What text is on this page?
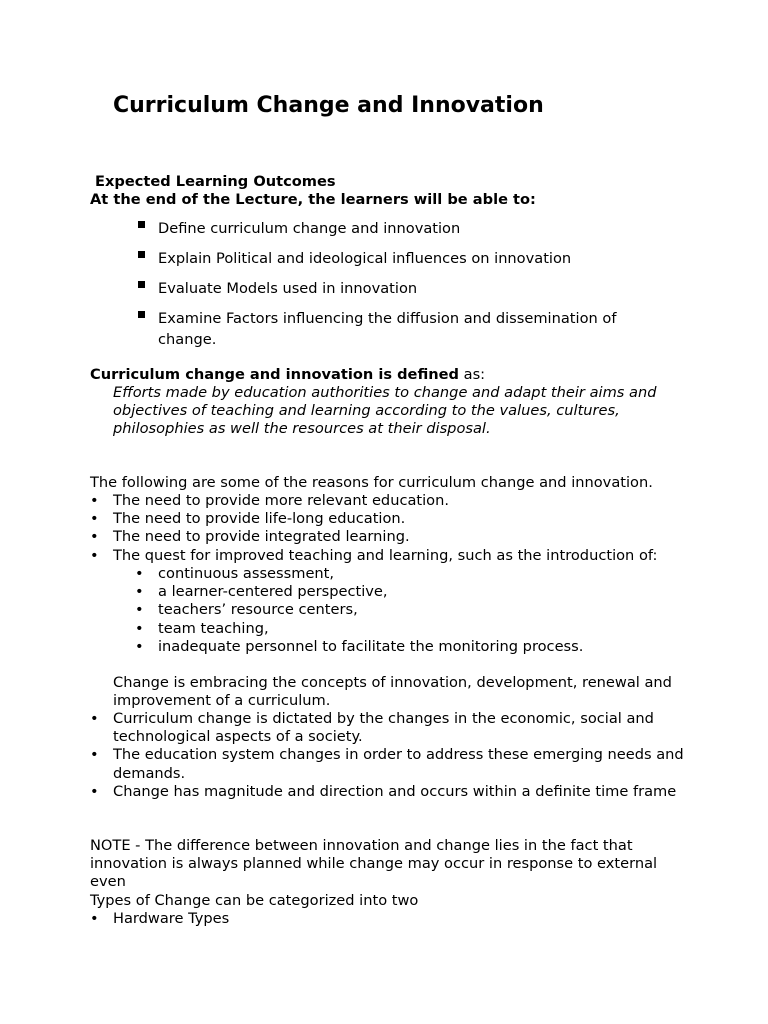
Curriculum Change and Innovation

Expected Learning Outcomes

At the end of the Lecture, the learners will be able to:

Define curriculum change and innovation
Explain Political and ideological influences on innovation
Evaluate Models used in innovation
Examine Factors influencing the diffusion and dissemination of change.

Curriculum change and innovation is defined as:

Efforts made by education authorities to change and adapt their aims and objectives of teaching and learning according to the values, cultures, philosophies as well the resources at their disposal.

The following are some of the reasons for curriculum change and innovation.

• The need to provide more relevant education.
• The need to provide life-long education.
• The need to provide integrated learning.
• The quest for improved teaching and learning, such as the introduction of:
• continuous assessment,
• a learner-centered perspective,
• teachers’ resource centers,
• team teaching,
• inadequate personnel to facilitate the monitoring process.

Change is embracing the concepts of innovation, development, renewal and improvement of a curriculum.

• Curriculum change is dictated by the changes in the economic, social and technological aspects of a society.
• The education system changes in order to address these emerging needs and demands.
• Change has magnitude and direction and occurs within a definite time frame

NOTE - The difference between innovation and change lies in the fact that innovation is always planned while change may occur in response to external even

Types of Change can be categorized into two

• Hardware Types
